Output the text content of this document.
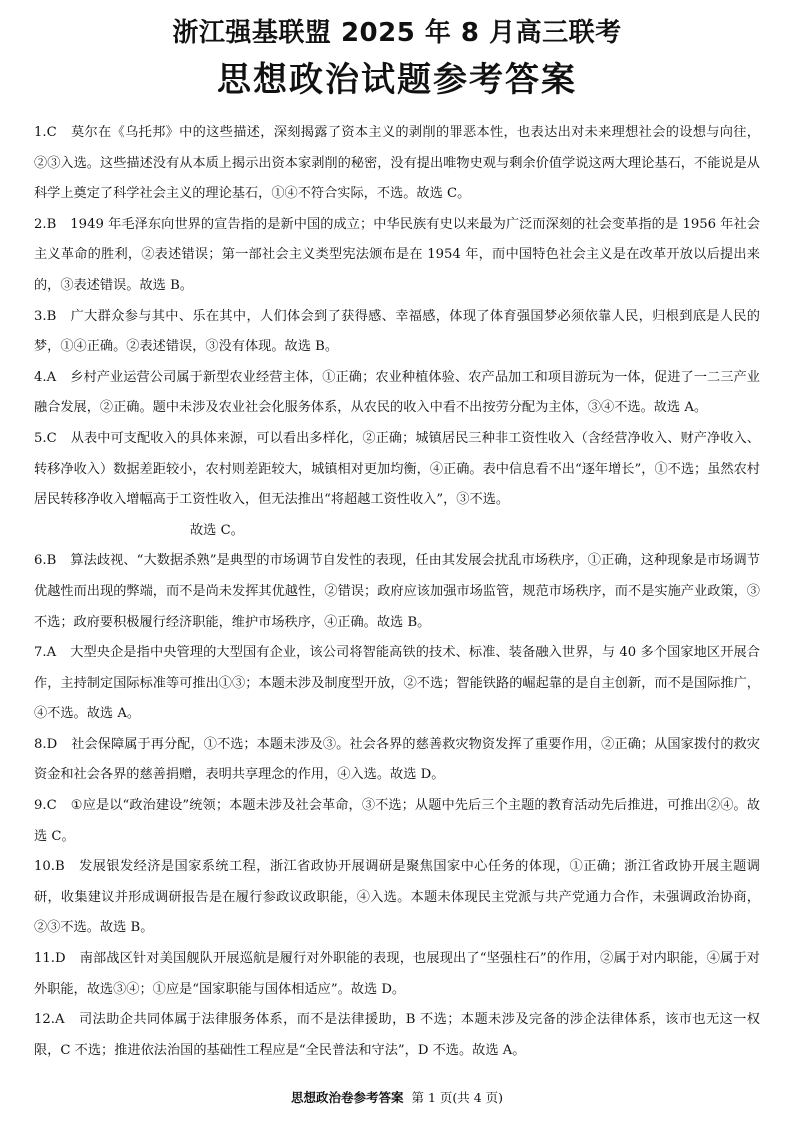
浙江强基联盟 2025 年 8 月高三联考
思想政治试题参考答案
1.C 莫尔在《乌托邦》中的这些描述，深刻揭露了资本主义的剥削的罪恶本性，也表达出对未来理想社会的设想与向往，②③入选。这些描述没有从本质上揭示出资本家剥削的秘密，没有提出唯物史观与剩余价值学说这两大理论基石，不能说是从科学上奠定了科学社会主义的理论基石，①④不符合实际，不选。故选 C。
2.B 1949 年毛泽东向世界的宣告指的是新中国的成立；中华民族有史以来最为广泛而深刻的社会变革指的是 1956 年社会主义革命的胜利，②表述错误；第一部社会主义类型宪法颁布是在 1954 年，而中国特色社会主义是在改革开放以后提出来的，③表述错误。故选 B。
3.B 广大群众参与其中、乐在其中，人们体会到了获得感、幸福感，体现了体育强国梦必须依靠人民，归根到底是人民的梦，①④正确。②表述错误，③没有体现。故选 B。
4.A 乡村产业运营公司属于新型农业经营主体，①正确；农业种植体验、农产品加工和项目游玩为一体，促进了一二三产业融合发展，②正确。题中未涉及农业社会化服务体系，从农民的收入中看不出按劳分配为主体，③④不选。故选 A。
5.C 从表中可支配收入的具体来源，可以看出多样化，②正确；城镇居民三种非工资性收入（含经营净收入、财产净收入、转移净收入）数据差距较小，农村则差距较大，城镇相对更加均衡，④正确。表中信息看不出“逐年增长”，①不选；虽然农村居民转移净收入增幅高于工资性收入，但无法推出“将超越工资性收入”，③不选。
故选 C。
6.B 算法歧视、“大数据杀熟”是典型的市场调节自发性的表现，任由其发展会扰乱市场秩序，①正确，这种现象是市场调节优越性而出现的弊端，而不是尚未发挥其优越性，②错误；政府应该加强市场监管，规范市场秩序，而不是实施产业政策，③不选；政府要积极履行经济职能，维护市场秩序，④正确。故选 B。
7.A 大型央企是指中央管理的大型国有企业，该公司将智能高铁的技术、标准、装备融入世界，与 40 多个国家地区开展合作，主持制定国际标准等可推出①③；本题未涉及制度型开放，②不选；智能铁路的崛起靠的是自主创新，而不是国际推广，④不选。故选 A。
8.D 社会保障属于再分配，①不选；本题未涉及③。社会各界的慈善救灾物资发挥了重要作用，②正确；从国家拨付的救灾资金和社会各界的慈善捐赠，表明共享理念的作用，④入选。故选 D。
9.C ①应是以“政治建设”统领；本题未涉及社会革命，③不选；从题中先后三个主题的教育活动先后推进，可推出②④。故选 C。
10.B 发展银发经济是国家系统工程，浙江省政协开展调研是聚焦国家中心任务的体现，①正确；浙江省政协开展主题调研，收集建议并形成调研报告是在履行参政议政职能，④入选。本题未体现民主党派与共产党通力合作，未强调政治协商，②③不选。故选 B。
11.D 南部战区针对美国舰队开展巡航是履行对外职能的表现，也展现出了“坚强柱石”的作用，②属于对内职能，④属于对外职能，故选③④；①应是“国家职能与国体相适应”。故选 D。
12.A 司法助企共同体属于法律服务体系，而不是法律援助，B 不选；本题未涉及完备的涉企法律体系，该市也无这一权限，C 不选；推进依法治国的基础性工程应是“全民普法和守法”，D 不选。故选 A。
思想政治卷参考答案 第 1 页(共 4 页)
